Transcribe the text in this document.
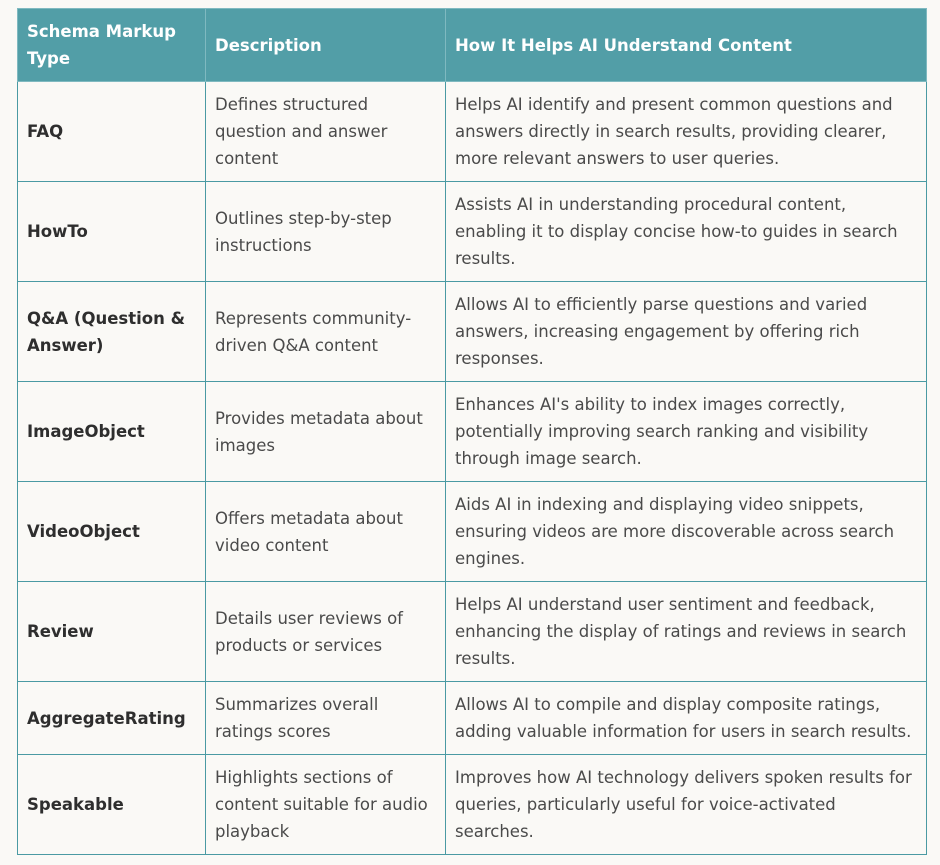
Schema Markup Type	Description	How It Helps AI Understand Content
FAQ	Defines structured question and answer content	Helps AI identify and present common questions and answers directly in search results, providing clearer, more relevant answers to user queries.
HowTo	Outlines step-by-step instructions	Assists AI in understanding procedural content, enabling it to display concise how-to guides in search results.
Q&A (Question & Answer)	Represents community-driven Q&A content	Allows AI to efficiently parse questions and varied answers, increasing engagement by offering rich responses.
ImageObject	Provides metadata about images	Enhances AI's ability to index images correctly, potentially improving search ranking and visibility through image search.
VideoObject	Offers metadata about video content	Aids AI in indexing and displaying video snippets, ensuring videos are more discoverable across search engines.
Review	Details user reviews of products or services	Helps AI understand user sentiment and feedback, enhancing the display of ratings and reviews in search results.
AggregateRating	Summarizes overall ratings scores	Allows AI to compile and display composite ratings, adding valuable information for users in search results.
Speakable	Highlights sections of content suitable for audio playback	Improves how AI technology delivers spoken results for queries, particularly useful for voice-activated searches.
